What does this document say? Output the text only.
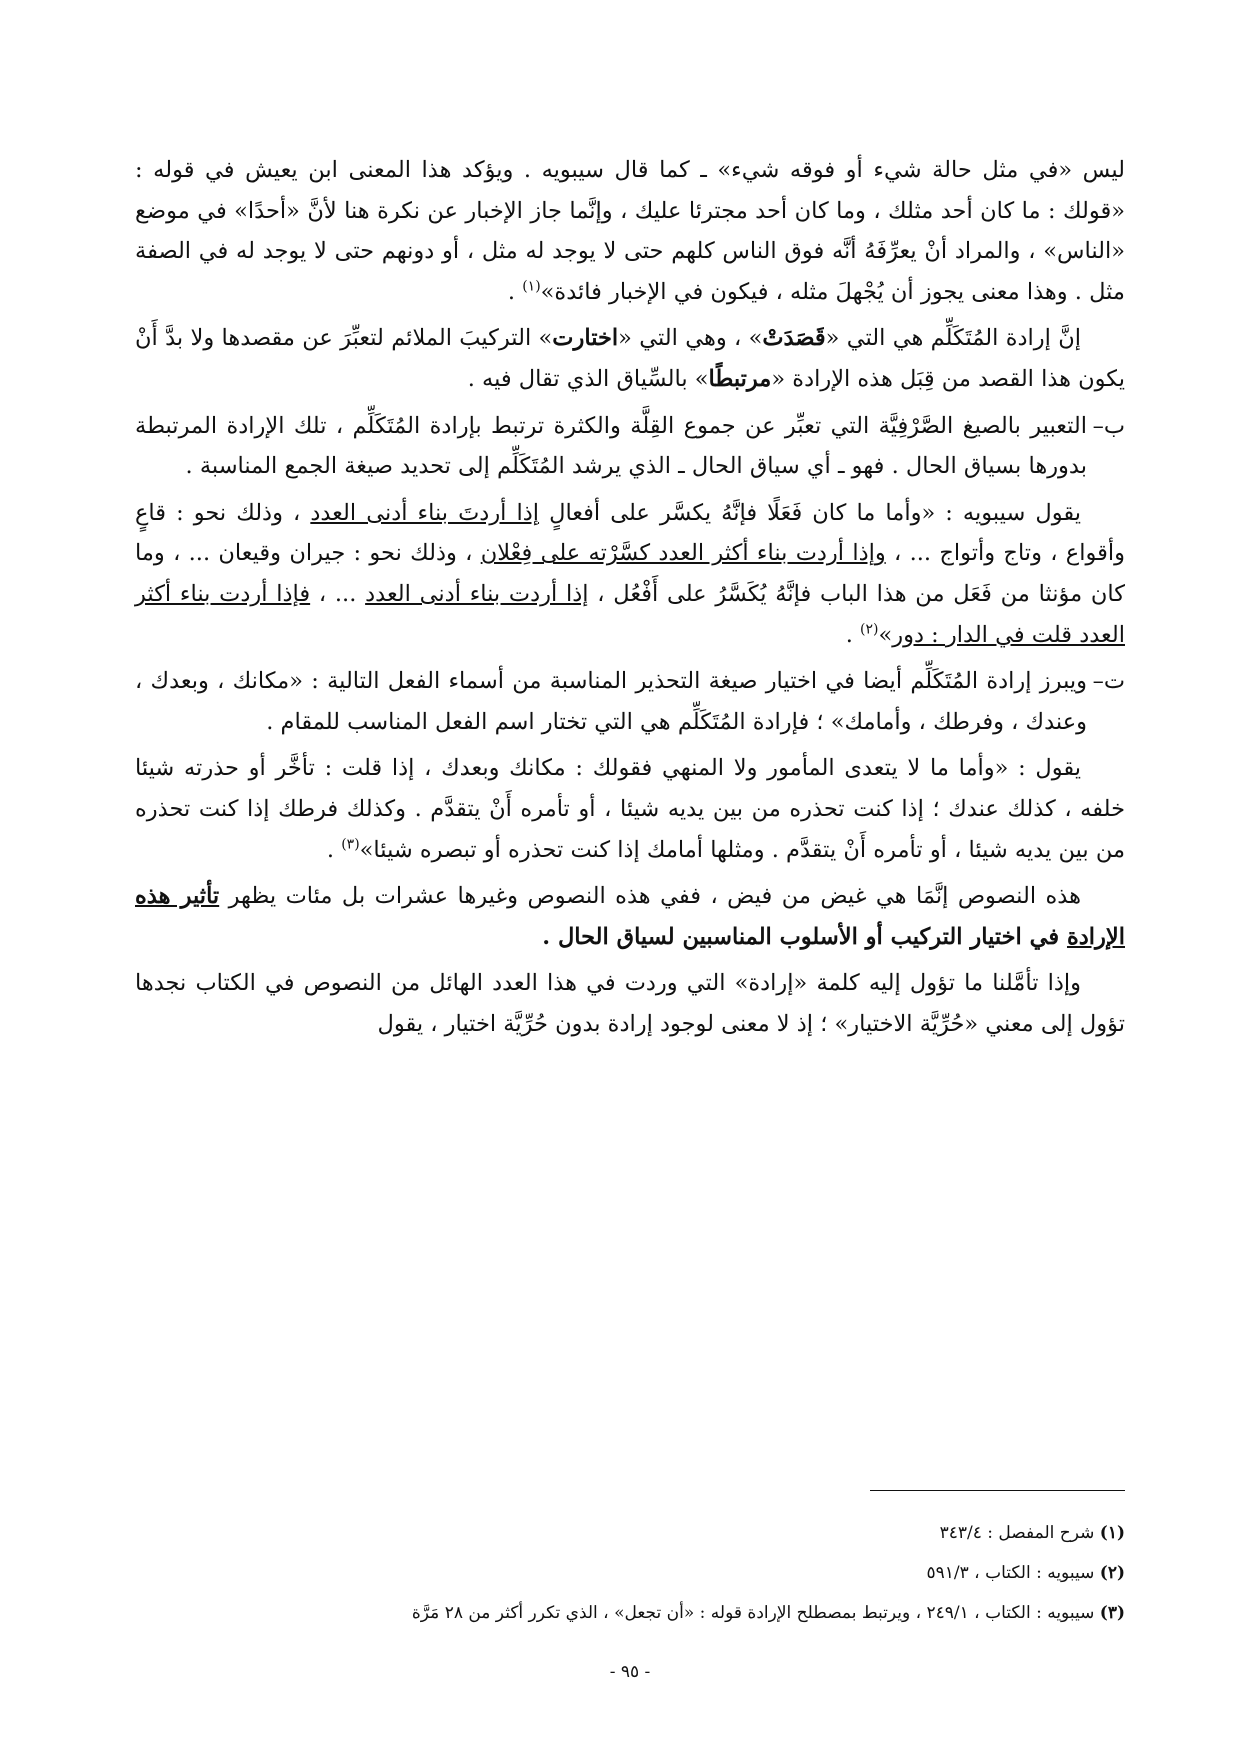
ليس «في مثل حالة شيء أو فوقه شيء» ـ كما قال سيبويه . ويؤكد هذا المعنى ابن يعيش في قوله : «قولك : ما كان أحد مثلك ، وما كان أحد مجترئا عليك ، وإنَّما جاز الإخبار عن نكرة هنا لأنَّ «أحدًا» في موضع «الناس» ، والمراد أنْ يعرِّفَهُ أنَّه فوق الناس كلهم حتى لا يوجد له مثل ، أو دونهم حتى لا يوجد له في الصفة مثل . وهذا معنى يجوز أن يُجْهلَ مثله ، فيكون في الإخبار فائدة»$^{(١)}$ .

إنَّ إرادة المُتَكَلِّم هي التي «قَصَدَتْ» ، وهي التي «اختارت» التركيبَ الملائم لتعبِّرَ عن مقصدها ولا بدَّ أَنْ يكون هذا القصد من قِبَل هذه الإرادة «مرتبطًا» بالسِّياق الذي تقال فيه .

ب–
التعبير بالصيغ الصَّرْفِيَّة التي تعبِّر عن جموع القِلَّة والكثرة ترتبط بإرادة المُتَكَلِّم ، تلك الإرادة المرتبطة بدورها بسياق الحال . فهو ـ أي سياق الحال ـ الذي يرشد المُتَكَلِّم إلى تحديد صيغة الجمع المناسبة .

يقول سيبويه : «وأما ما كان فَعَلًا فإنَّهُ يكسَّر على أفعالٍ إذا أردتَ بناء أدنى العدد ، وذلك نحو : قاعٍ وأقواع ، وتاج وأتواج ... ، وإذا أردت بناء أكثر العدد كسَّرْته على فِعْلان ، وذلك نحو : جيران وقيعان ... ، وما كان مؤنثا من فَعَل من هذا الباب فإنَّهُ يُكَسَّرُ على أَفْعُل ، إذا أردت بناء أدنى العدد ... ، فإذا أردت بناء أكثر العدد قلت في الدار : دور»$^{(٢)}$ .

ت–
ويبرز إرادة المُتَكَلِّم أيضا في اختيار صيغة التحذير المناسبة من أسماء الفعل التالية : «مكانك ، وبعدك ، وعندك ، وفرطك ، وأمامك» ؛ فإرادة المُتَكَلِّم هي التي تختار اسم الفعل المناسب للمقام .

يقول : «وأما ما لا يتعدى المأمور ولا المنهي فقولك : مكانك وبعدك ، إذا قلت : تأخَّر أو حذرته شيئا خلفه ، كذلك عندك ؛ إذا كنت تحذره من بين يديه شيئا ، أو تأمره أَنْ يتقدَّم . وكذلك فرطك إذا كنت تحذره من بين يديه شيئا ، أو تأمره أَنْ يتقدَّم . ومثلها أمامك إذا كنت تحذره أو تبصره شيئا»$^{(٣)}$ .

هذه النصوص إنَّمَا هي غيض من فيض ، ففي هذه النصوص وغيرها عشرات بل مئات يظهر تأثير هذه الإرادة في اختيار التركيب أو الأسلوب المناسبين لسياق الحال .

وإذا تأمَّلنا ما تؤول إليه كلمة «إرادة» التي وردت في هذا العدد الهائل من النصوص في الكتاب نجدها تؤول إلى معني «حُرِّيَّة الاختيار» ؛ إذ لا معنى لوجود إرادة بدون حُرِّيَّة اختيار ، يقول

(١) شرح المفصل : ٣٤٣/٤

(٢) سيبويه : الكتاب ، ٥٩١/٣

(٣) سيبويه : الكتاب ، ٢٤٩/١ ، ويرتبط بمصطلح الإرادة قوله : «أن تجعل» ، الذي تكرر أكثر من ٢٨ مَرَّة

- ٩٥ -
